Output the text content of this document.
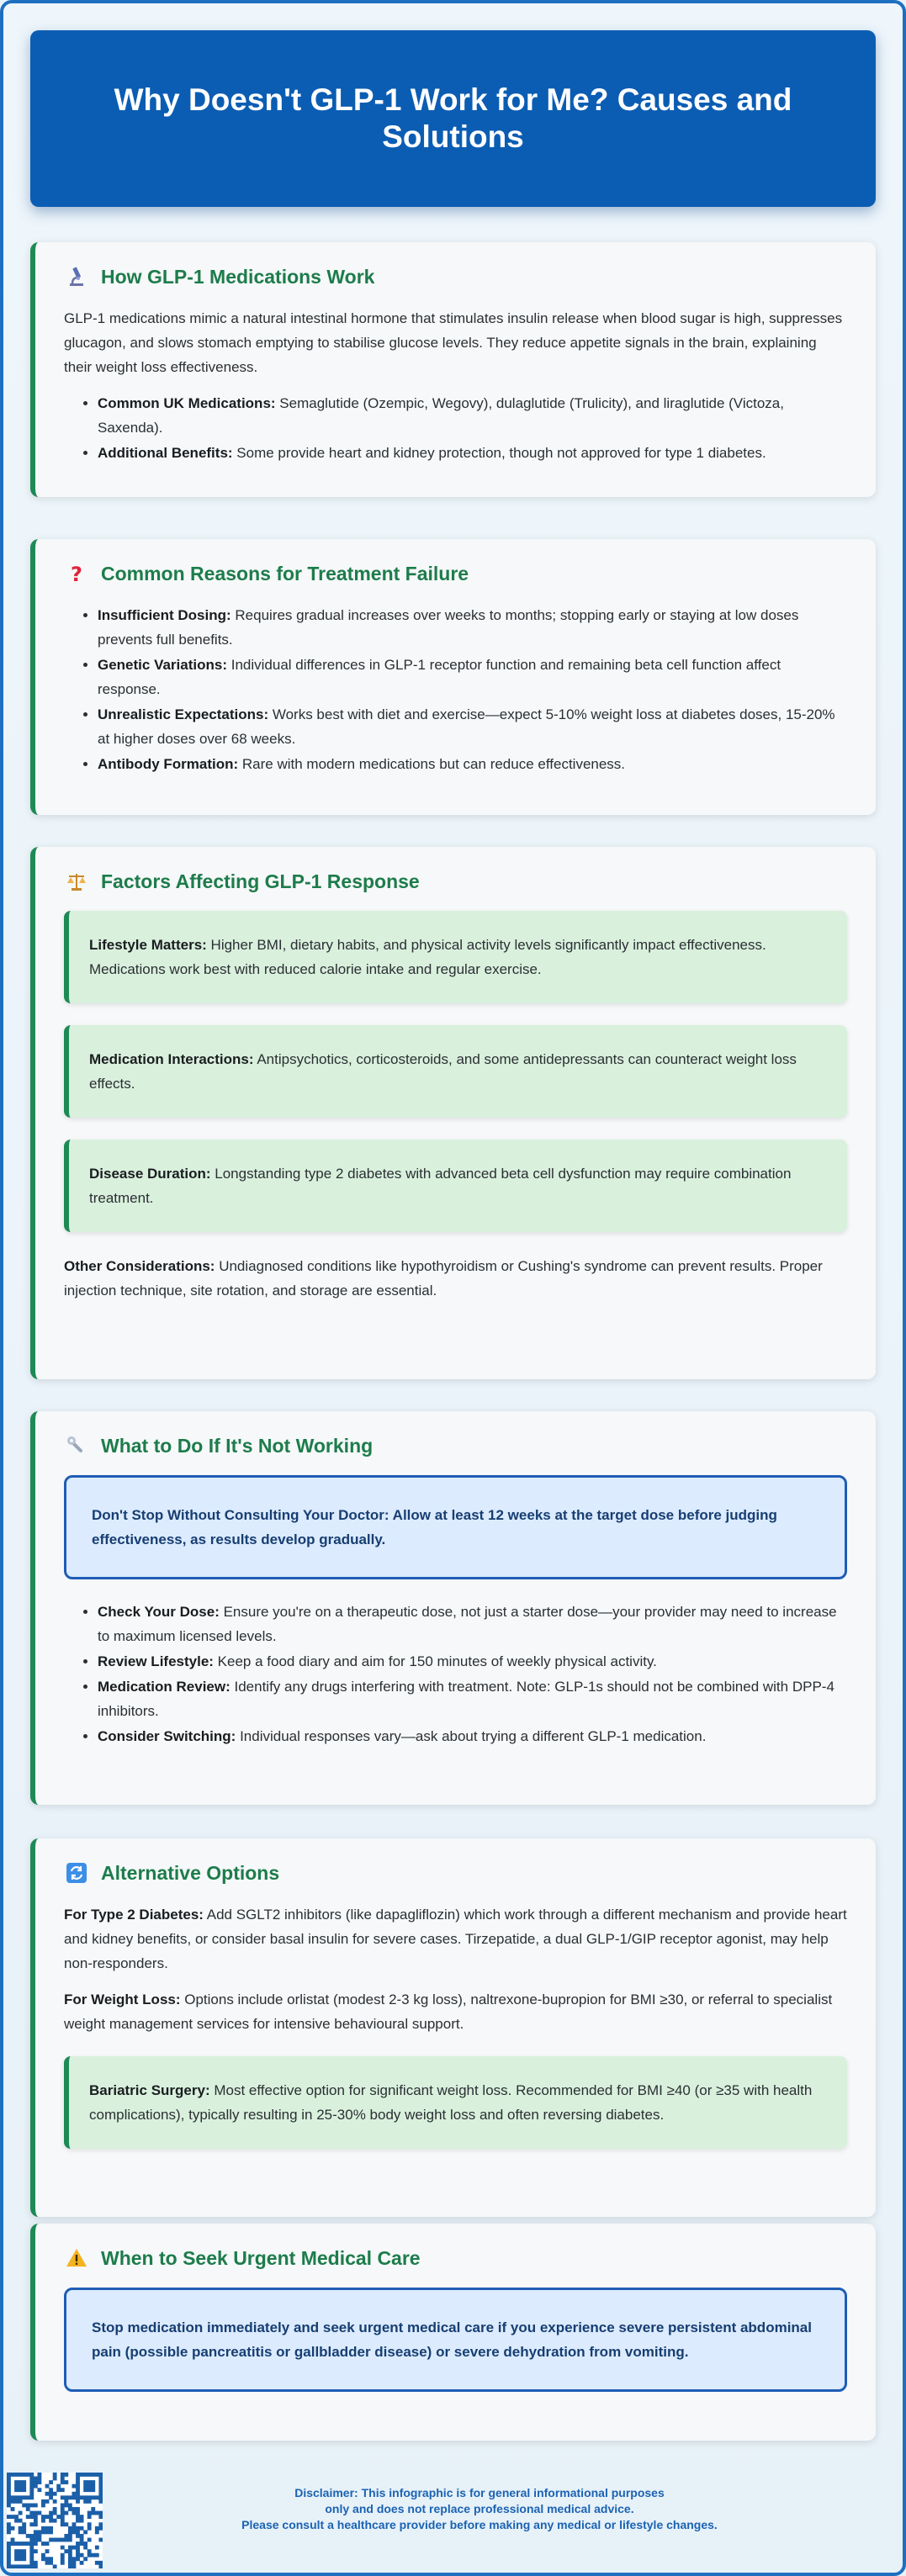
Why Doesn't GLP-1 Work for Me? Causes and Solutions
How GLP-1 Medications Work

GLP-1 medications mimic a natural intestinal hormone that stimulates insulin release when blood sugar is high, suppresses glucagon, and slows stomach emptying to stabilise glucose levels. They reduce appetite signals in the brain, explaining their weight loss effectiveness.

• Common UK Medications: Semaglutide (Ozempic, Wegovy), dulaglutide (Trulicity), and liraglutide (Victoza, Saxenda).
• Additional Benefits: Some provide heart and kidney protection, though not approved for type 1 diabetes.
? Common Reasons for Treatment Failure
• Insufficient Dosing: Requires gradual increases over weeks to months; stopping early or staying at low doses prevents full benefits.
• Genetic Variations: Individual differences in GLP-1 receptor function and remaining beta cell function affect response.
• Unrealistic Expectations: Works best with diet and exercise—expect 5-10% weight loss at diabetes doses, 15-20% at higher doses over 68 weeks.
• Antibody Formation: Rare with modern medications but can reduce effectiveness.
Factors Affecting GLP-1 Response

Lifestyle Matters: Higher BMI, dietary habits, and physical activity levels significantly impact effectiveness. Medications work best with reduced calorie intake and regular exercise.

Medication Interactions: Antipsychotics, corticosteroids, and some antidepressants can counteract weight loss effects.

Disease Duration: Longstanding type 2 diabetes with advanced beta cell dysfunction may require combination treatment.

Other Considerations: Undiagnosed conditions like hypothyroidism or Cushing's syndrome can prevent results. Proper injection technique, site rotation, and storage are essential.

What to Do If It's Not Working

Don't Stop Without Consulting Your Doctor: Allow at least 12 weeks at the target dose before judging effectiveness, as results develop gradually.

• Check Your Dose: Ensure you're on a therapeutic dose, not just a starter dose—your provider may need to increase to maximum licensed levels.
• Review Lifestyle: Keep a food diary and aim for 150 minutes of weekly physical activity.
• Medication Review: Identify any drugs interfering with treatment. Note: GLP-1s should not be combined with DPP-4 inhibitors.
• Consider Switching: Individual responses vary—ask about trying a different GLP-1 medication.
Alternative Options

For Type 2 Diabetes: Add SGLT2 inhibitors (like dapagliflozin) which work through a different mechanism and provide heart and kidney benefits, or consider basal insulin for severe cases. Tirzepatide, a dual GLP-1/GIP receptor agonist, may help non-responders.

For Weight Loss: Options include orlistat (modest 2-3 kg loss), naltrexone-bupropion for BMI ≥30, or referral to specialist weight management services for intensive behavioural support.

Bariatric Surgery: Most effective option for significant weight loss. Recommended for BMI ≥40 (or ≥35 with health complications), typically resulting in 25-30% body weight loss and often reversing diabetes.

When to Seek Urgent Medical Care

Stop medication immediately and seek urgent medical care if you experience severe persistent abdominal pain (possible pancreatitis or gallbladder disease) or severe dehydration from vomiting.

Disclaimer: This infographic is for general informational purposes
only and does not replace professional medical advice.
Please consult a healthcare provider before making any medical or lifestyle changes.
